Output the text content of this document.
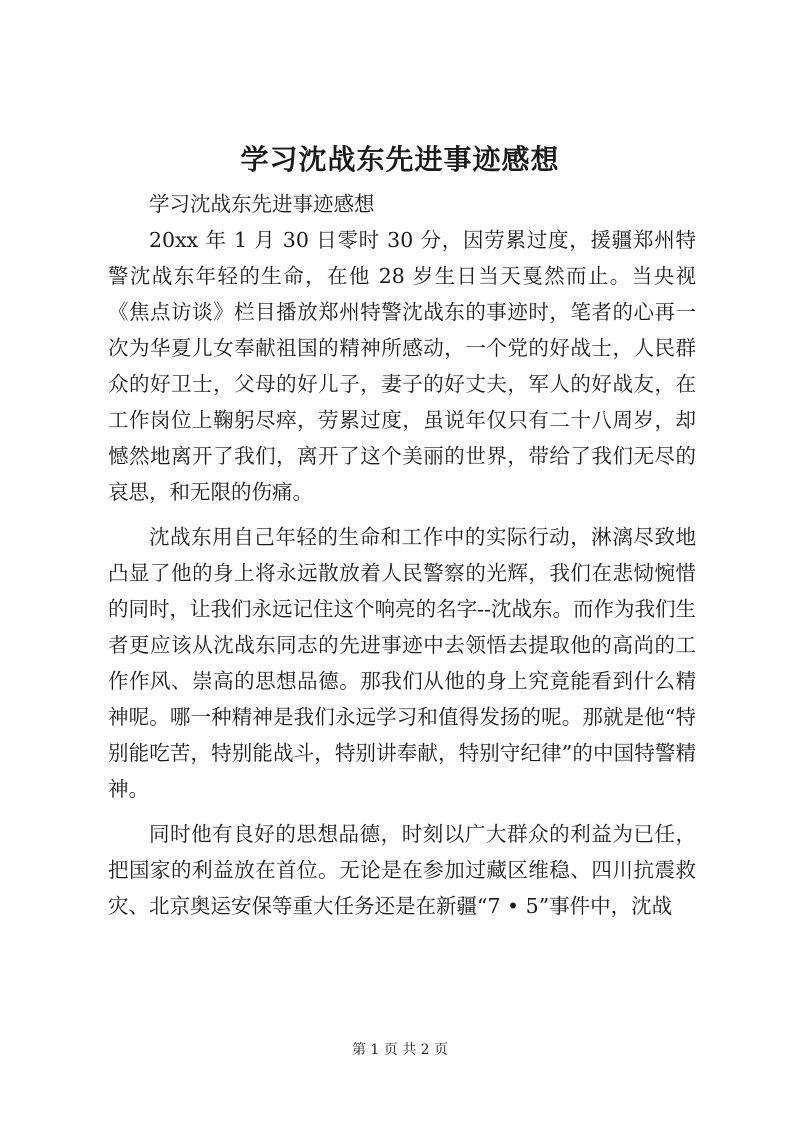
学习沈战东先进事迹感想

学习沈战东先进事迹感想

20xx 年 1 月 30 日零时 30 分，因劳累过度，援疆郑州特警沈战东年轻的生命，在他 28 岁生日当天戛然而止。当央视《焦点访谈》栏目播放郑州特警沈战东的事迹时，笔者的心再一次为华夏儿女奉献祖国的精神所感动，一个党的好战士，人民群众的好卫士，父母的好儿子，妻子的好丈夫，军人的好战友，在工作岗位上鞠躬尽瘁，劳累过度，虽说年仅只有二十八周岁，却憾然地离开了我们，离开了这个美丽的世界，带给了我们无尽的哀思，和无限的伤痛。

沈战东用自己年轻的生命和工作中的实际行动，淋漓尽致地凸显了他的身上将永远散放着人民警察的光辉，我们在悲恸惋惜的同时，让我们永远记住这个响亮的名字--沈战东。而作为我们生者更应该从沈战东同志的先进事迹中去领悟去提取他的高尚的工作作风、崇高的思想品德。那我们从他的身上究竟能看到什么精神呢。哪一种精神是我们永远学习和值得发扬的呢。那就是他“特别能吃苦，特别能战斗，特别讲奉献，特别守纪律”的中国特警精神。

同时他有良好的思想品德，时刻以广大群众的利益为已任，把国家的利益放在首位。无论是在参加过藏区维稳、四川抗震救灾、北京奥运安保等重大任务还是在新疆“7 • 5”事件中，沈战

第 1 页 共 2 页
